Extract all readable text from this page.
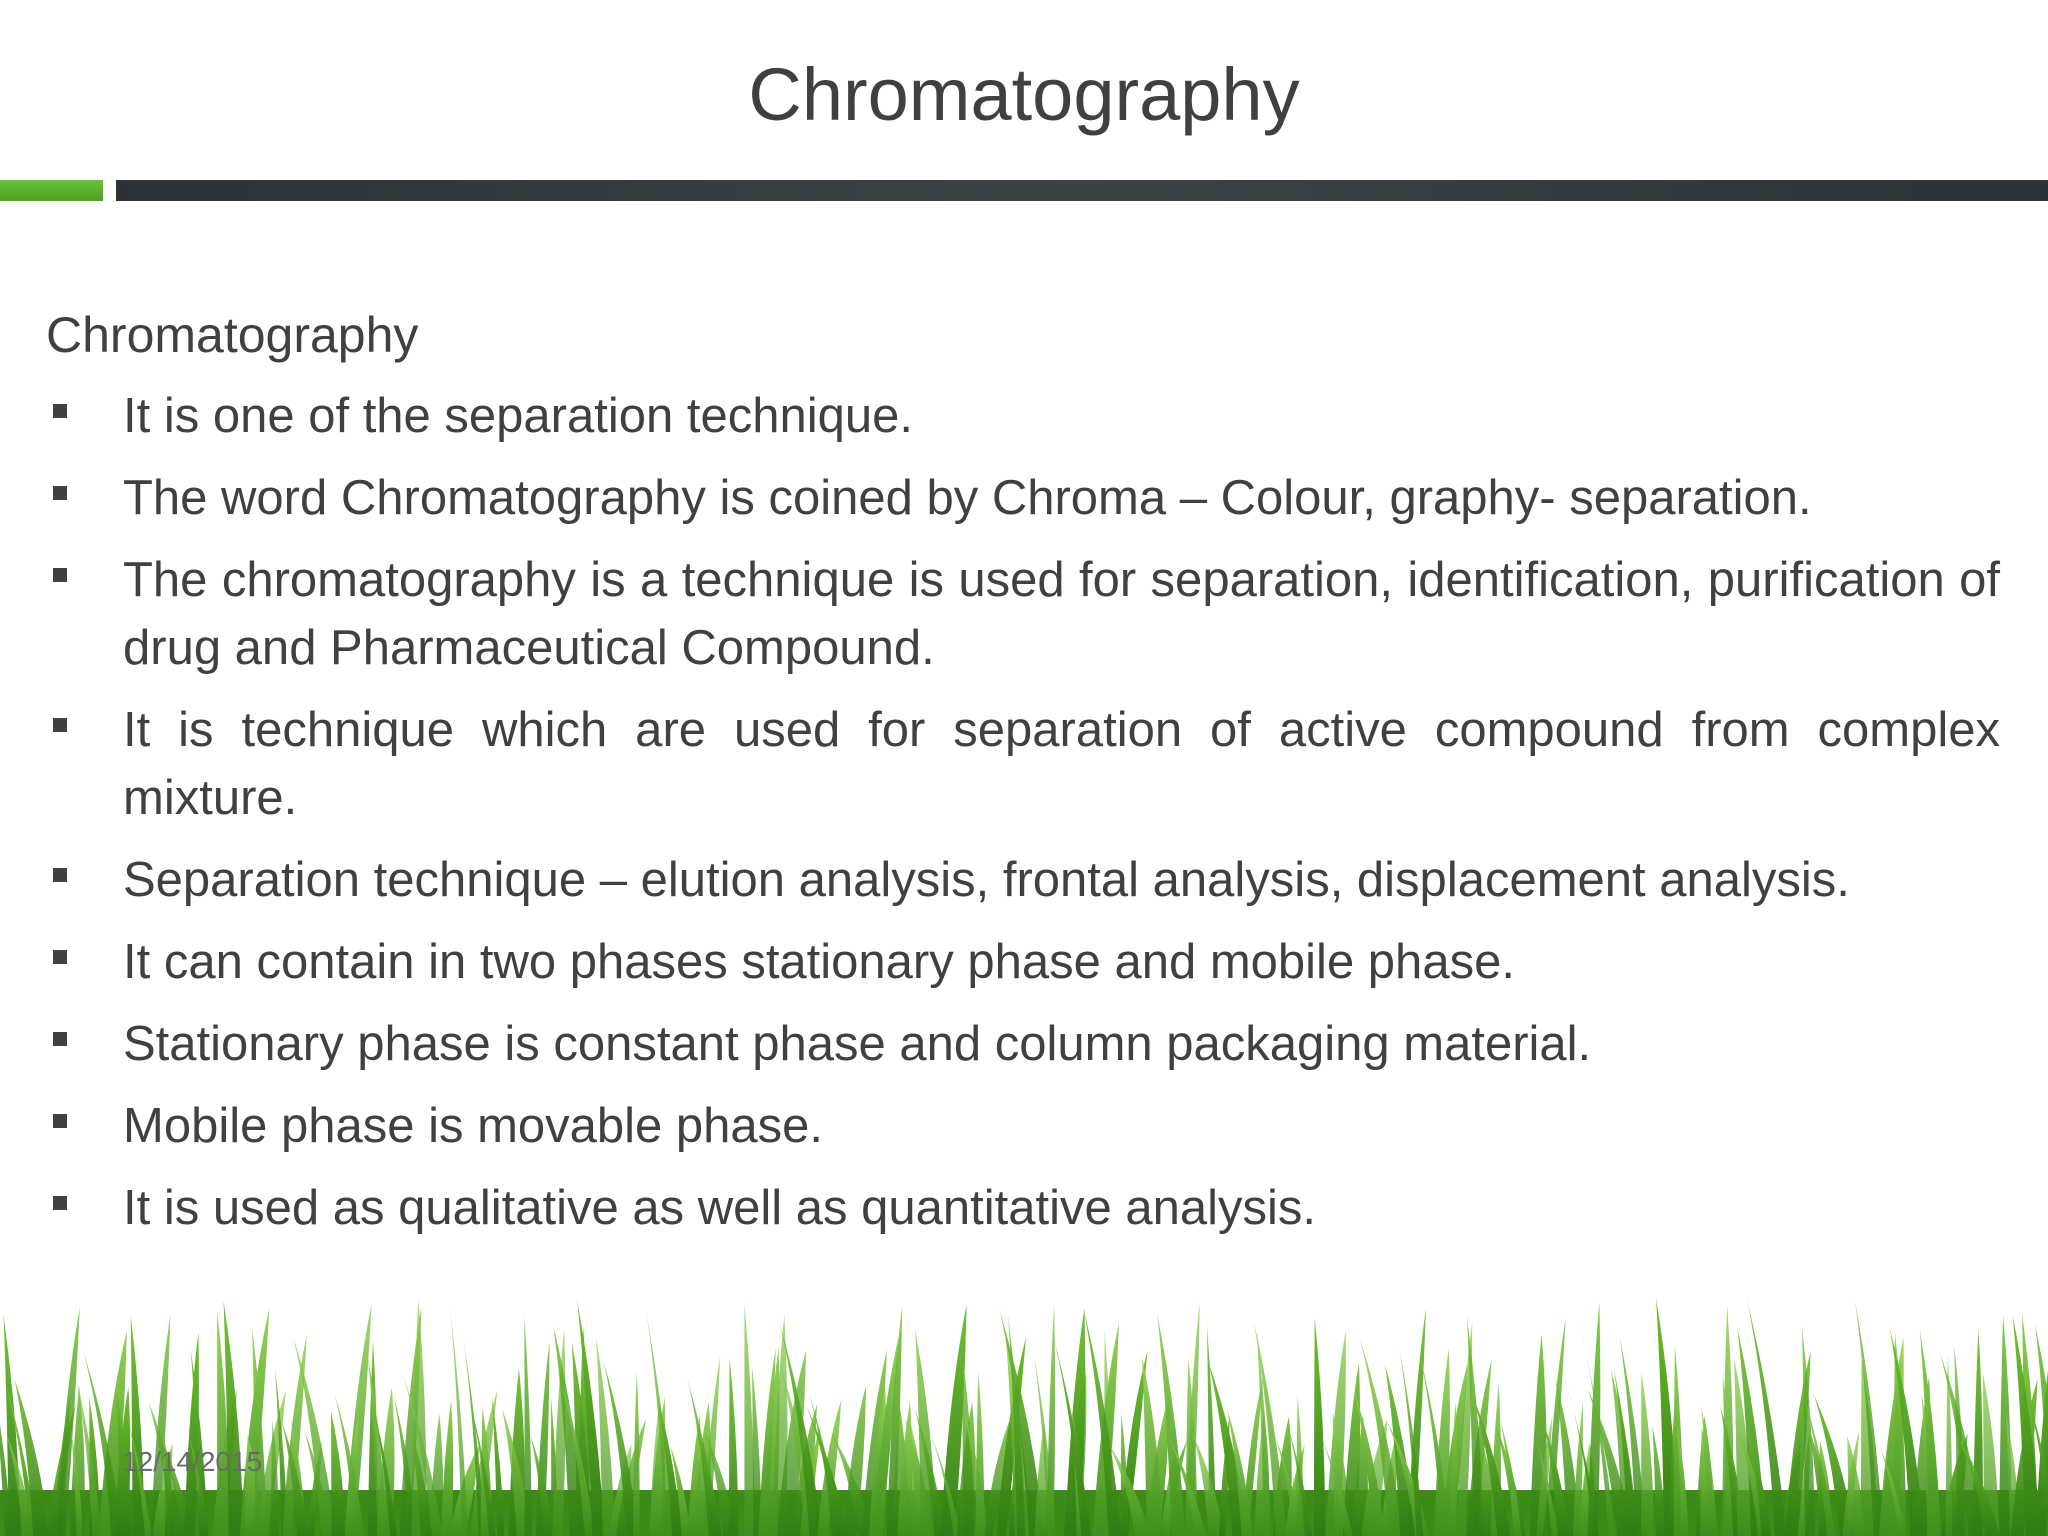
Chromatography
Chromatography
It is one of the separation technique.
The word Chromatography is coined by Chroma – Colour, graphy- separation.
The chromatography is a technique is used for separation, identification, purification of drug and Pharmaceutical Compound.
It is technique which are used for separation of active compound from complex mixture.
Separation technique – elution analysis, frontal analysis, displacement analysis.
It can contain in two phases stationary phase and mobile phase.
Stationary phase is constant phase and column packaging material.
Mobile phase is movable phase.
It is used as qualitative as well as quantitative analysis.
12/14/2015
